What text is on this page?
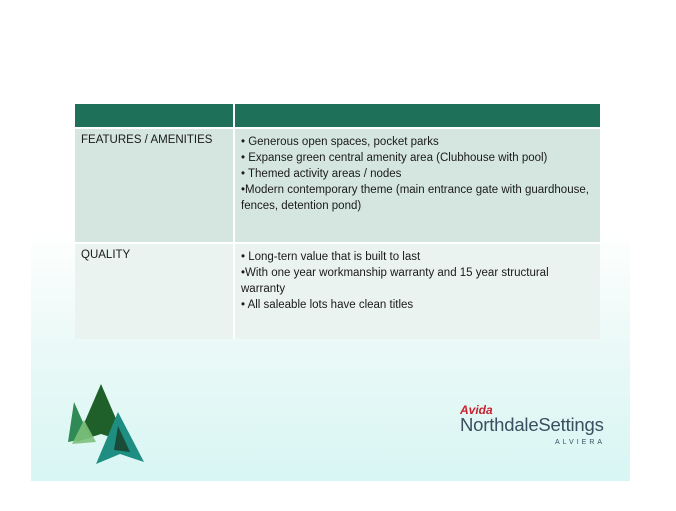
FEATURES / AMENITIES	• Generous open spaces, pocket parks
• Expanse green central amenity area (Clubhouse with pool)
• Themed activity areas / nodes
•Modern contemporary theme (main entrance gate with guardhouse, fences, detention pond)

QUALITY	• Long-tern value that is built to last
•With one year workmanship warranty and 15 year structural warranty
• All saleable lots have clean titles
Avida
NorthdaleSettings
ALVIERA
